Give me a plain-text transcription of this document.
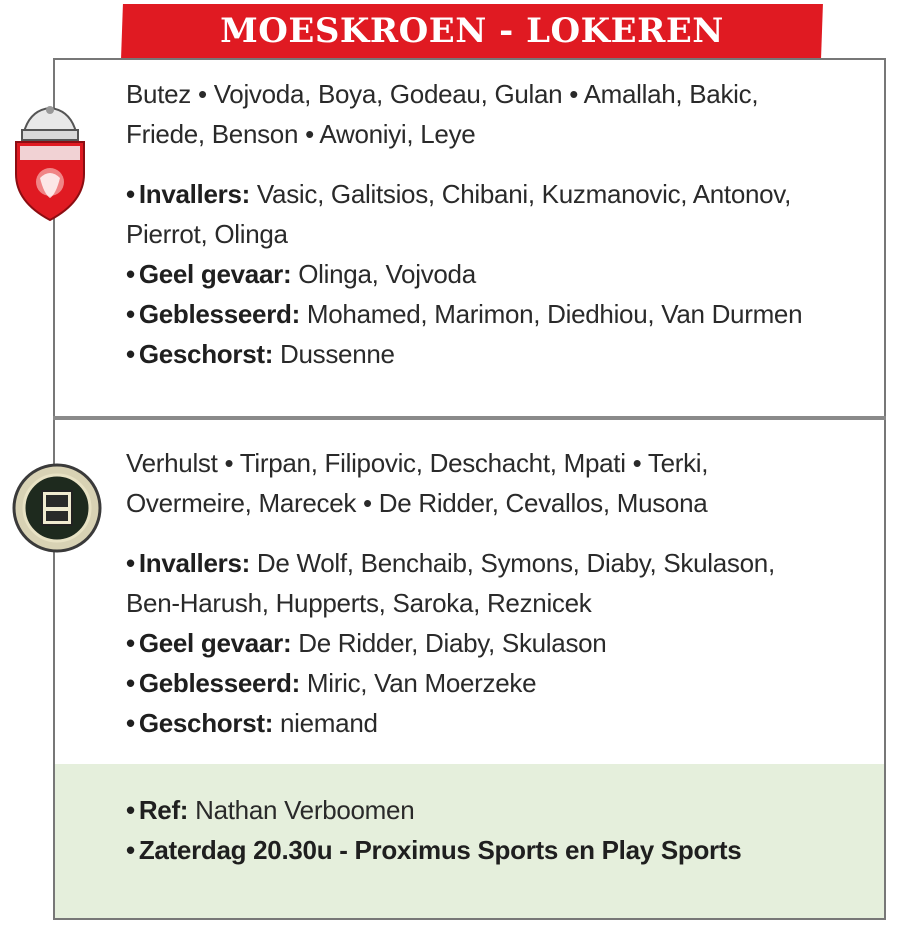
MOESKROEN - LOKEREN

Butez • Vojvoda, Boya, Godeau, Gulan • Amallah, Bakic,
Friede, Benson • Awoniyi, Leye

• Invallers: Vasic, Galitsios, Chibani, Kuzmanovic, Antonov,
Pierrot, Olinga

• Geel gevaar: Olinga, Vojvoda

• Geblesseerd: Mohamed, Marimon, Diedhiou, Van Durmen

• Geschorst: Dussenne

Verhulst • Tirpan, Filipovic, Deschacht, Mpati • Terki,
Overmeire, Marecek • De Ridder, Cevallos, Musona

• Invallers: De Wolf, Benchaib, Symons, Diaby, Skulason,
Ben-Harush, Hupperts, Saroka, Reznicek

• Geel gevaar: De Ridder, Diaby, Skulason

• Geblesseerd: Miric, Van Moerzeke

• Geschorst: niemand

• Ref: Nathan Verboomen

• Zaterdag 20.30u - Proximus Sports en Play Sports
